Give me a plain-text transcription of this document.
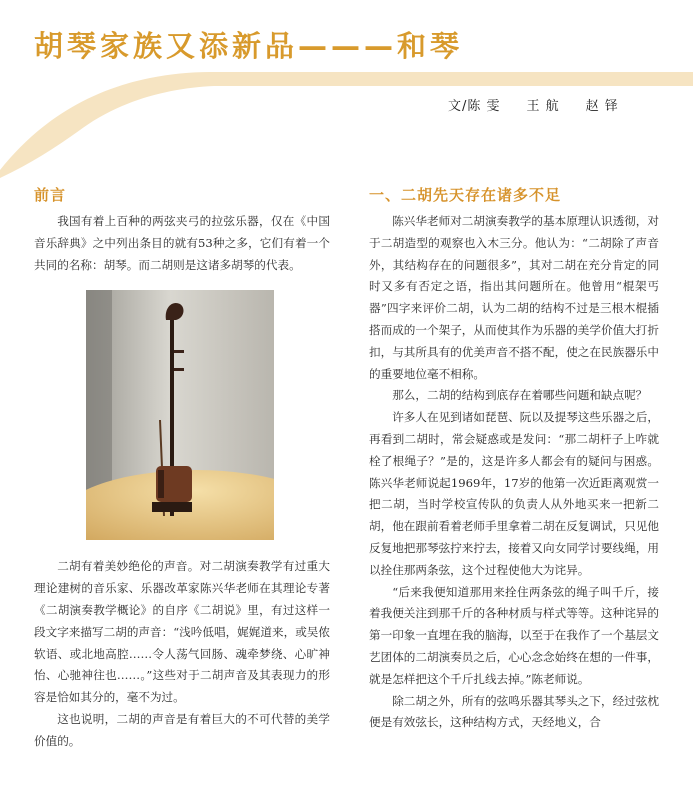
胡琴家族又添新品———和琴
文/陈 雯 王 航 赵 铎
前言

我国有着上百种的两弦夹弓的拉弦乐器，仅在《中国音乐辞典》之中列出条目的就有53种之多，它们有着一个共同的名称：胡琴。而二胡则是这诸多胡琴的代表。

二胡有着美妙绝伦的声音。对二胡演奏教学有过重大理论建树的音乐家、乐器改革家陈兴华老师在其理论专著《二胡演奏教学概论》的自序《二胡说》里，有过这样一段文字来描写二胡的声音：“浅吟低唱，娓娓道来，或吴侬软语、或北地高腔……令人荡气回肠、魂牵梦绕、心旷神怡、心驰神往也……。”这些对于二胡声音及其表现力的形容是恰如其分的，毫不为过。

这也说明，二胡的声音是有着巨大的不可代替的美学价值的。

一、二胡先天存在诸多不足

陈兴华老师对二胡演奏教学的基本原理认识透彻，对于二胡造型的观察也入木三分。他认为：“二胡除了声音外，其结构存在的问题很多”，其对二胡在充分肯定的同时又多有否定之语，指出其问题所在。他曾用“棍架丐器”四字来评价二胡，认为二胡的结构不过是三根木棍插搭而成的一个架子，从而使其作为乐器的美学价值大打折扣，与其所具有的优美声音不搭不配，使之在民族器乐中的重要地位毫不相称。

那么，二胡的结构到底存在着哪些问题和缺点呢？

许多人在见到诸如琵琶、阮以及提琴这些乐器之后，再看到二胡时，常会疑惑或是发问：“那二胡杆子上咋就栓了根绳子？”是的，这是许多人都会有的疑问与困惑。陈兴华老师说起1969年，17岁的他第一次近距离观赏一把二胡，当时学校宣传队的负责人从外地买来一把新二胡，他在跟前看着老师手里拿着二胡在反复调试，只见他反复地把那琴弦拧来拧去，接着又向女同学讨要线绳，用以拴住那两条弦，这个过程使他大为诧异。

“后来我便知道那用来拴住两条弦的绳子叫千斤，接着我便关注到那千斤的各种材质与样式等等。这种诧异的第一印象一直埋在我的脑海，以至于在我作了一个基层文艺团体的二胡演奏员之后，心心念念始终在想的一件事，就是怎样把这个千斤扎线去掉。”陈老师说。

除二胡之外，所有的弦鸣乐器其琴头之下，经过弦枕便是有效弦长，这种结构方式，天经地义，合
